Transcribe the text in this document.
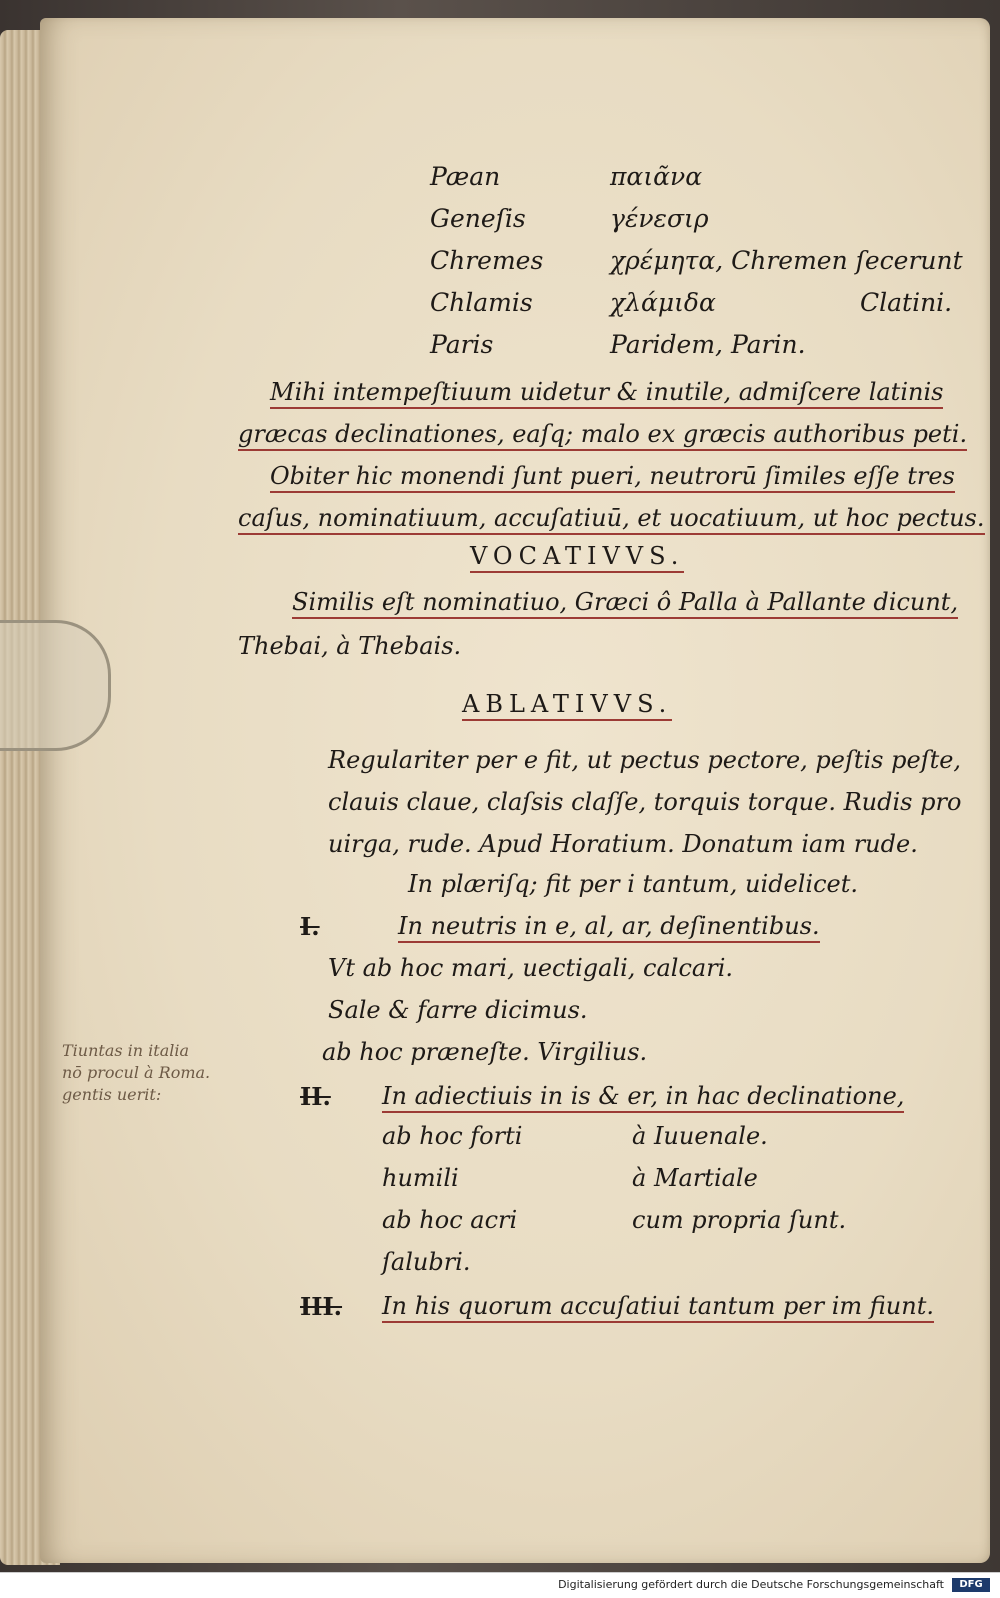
Pæan	παιᾶνα
Geneſis	γένεσιρ
Chremes	χρέμητα, Chremen ſecerunt
Chlamis	χλάμιδα	Clatini.
Paris	Paridem, Parin.
Mihi intempeſtiuum uidetur & inutile, admiſcere latinis
græcas declinationes, eaſq; malo ex græcis authoribus peti.
Obiter hic monendi ſunt pueri, neutrorū ſimiles eſſe tres
caſus, nominatiuum, accuſatiuū, et uocatiuum, ut hoc pectus.
VOCATIVVS.
Similis eſt nominatiuo, Græci ô Palla à Pallante dicunt,
Thebai, à Thebais.
ABLATIVVS.
Regulariter per e fit, ut pectus pectore, peſtis peſte,
clauis claue, claſsis claſſe, torquis torque. Rudis pro
uirga, rude. Apud Horatium. Donatum iam rude.
In plæriſq; fit per i tantum, uidelicet.
I.	In neutris in e, al, ar, deſinentibus.
Vt ab hoc mari, uectigali, calcari.
Sale & farre dicimus.
ab hoc præneſte. Virgilius.
II. In adiectiuis in is & er, in hac declinatione,
ab hoc forti	à Iuuenale.
humili	à Martiale
ab hoc acri	cum propria ſunt.
ſalubri.
III. In his quorum accuſatiui tantum per im fiunt.
Tiuntas in italia
nō procul à Roma.
gentis uerit:
Digitalisierung gefördert durch die Deutsche Forschungsgemeinschaft	DFG
